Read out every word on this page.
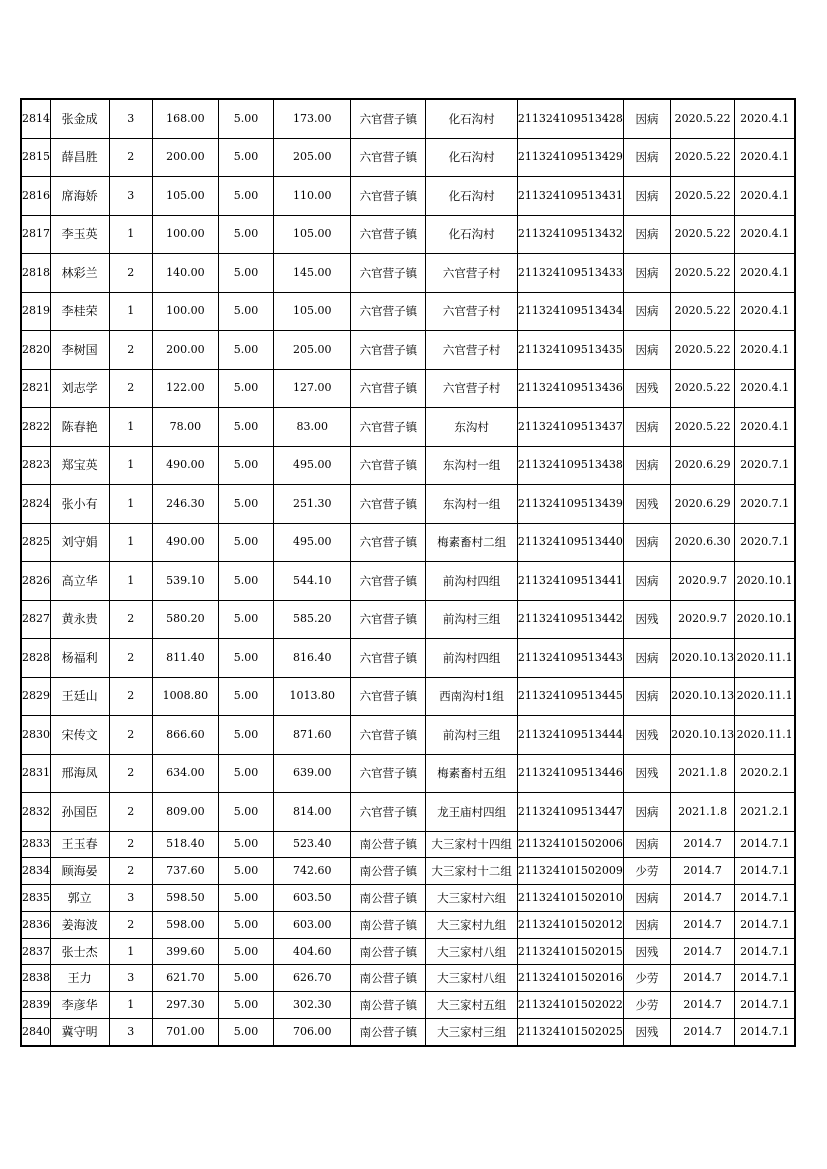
2814	张金成	3	168.00	5.00	173.00	六官营子镇	化石沟村	211324109513428	因病	2020.5.22	2020.4.1
2815	薛昌胜	2	200.00	5.00	205.00	六官营子镇	化石沟村	211324109513429	因病	2020.5.22	2020.4.1
2816	席海娇	3	105.00	5.00	110.00	六官营子镇	化石沟村	211324109513431	因病	2020.5.22	2020.4.1
2817	李玉英	1	100.00	5.00	105.00	六官营子镇	化石沟村	211324109513432	因病	2020.5.22	2020.4.1
2818	林彩兰	2	140.00	5.00	145.00	六官营子镇	六官营子村	211324109513433	因病	2020.5.22	2020.4.1
2819	李桂荣	1	100.00	5.00	105.00	六官营子镇	六官营子村	211324109513434	因病	2020.5.22	2020.4.1
2820	李树国	2	200.00	5.00	205.00	六官营子镇	六官营子村	211324109513435	因病	2020.5.22	2020.4.1
2821	刘志学	2	122.00	5.00	127.00	六官营子镇	六官营子村	211324109513436	因残	2020.5.22	2020.4.1
2822	陈春艳	1	78.00	5.00	83.00	六官营子镇	东沟村	211324109513437	因病	2020.5.22	2020.4.1
2823	郑宝英	1	490.00	5.00	495.00	六官营子镇	东沟村一组	211324109513438	因病	2020.6.29	2020.7.1
2824	张小有	1	246.30	5.00	251.30	六官营子镇	东沟村一组	211324109513439	因残	2020.6.29	2020.7.1
2825	刘守娟	1	490.00	5.00	495.00	六官营子镇	梅素畜村二组	211324109513440	因病	2020.6.30	2020.7.1
2826	高立华	1	539.10	5.00	544.10	六官营子镇	前沟村四组	211324109513441	因病	2020.9.7	2020.10.1
2827	黄永贵	2	580.20	5.00	585.20	六官营子镇	前沟村三组	211324109513442	因残	2020.9.7	2020.10.1
2828	杨福利	2	811.40	5.00	816.40	六官营子镇	前沟村四组	211324109513443	因病	2020.10.13	2020.11.1
2829	王廷山	2	1008.80	5.00	1013.80	六官营子镇	西南沟村1组	211324109513445	因病	2020.10.13	2020.11.1
2830	宋传文	2	866.60	5.00	871.60	六官营子镇	前沟村三组	211324109513444	因残	2020.10.13	2020.11.1
2831	邢海凤	2	634.00	5.00	639.00	六官营子镇	梅素畜村五组	211324109513446	因残	2021.1.8	2020.2.1
2832	孙国臣	2	809.00	5.00	814.00	六官营子镇	龙王庙村四组	211324109513447	因病	2021.1.8	2021.2.1
2833	王玉春	2	518.40	5.00	523.40	南公营子镇	大三家村十四组	211324101502006	因病	2014.7	2014.7.1
2834	顾海晏	2	737.60	5.00	742.60	南公营子镇	大三家村十二组	211324101502009	少劳	2014.7	2014.7.1
2835	郭立	3	598.50	5.00	603.50	南公营子镇	大三家村六组	211324101502010	因病	2014.7	2014.7.1
2836	姜海波	2	598.00	5.00	603.00	南公营子镇	大三家村九组	211324101502012	因病	2014.7	2014.7.1
2837	张士杰	1	399.60	5.00	404.60	南公营子镇	大三家村八组	211324101502015	因残	2014.7	2014.7.1
2838	王力	3	621.70	5.00	626.70	南公营子镇	大三家村八组	211324101502016	少劳	2014.7	2014.7.1
2839	李彦华	1	297.30	5.00	302.30	南公营子镇	大三家村五组	211324101502022	少劳	2014.7	2014.7.1
2840	冀守明	3	701.00	5.00	706.00	南公营子镇	大三家村三组	211324101502025	因残	2014.7	2014.7.1
